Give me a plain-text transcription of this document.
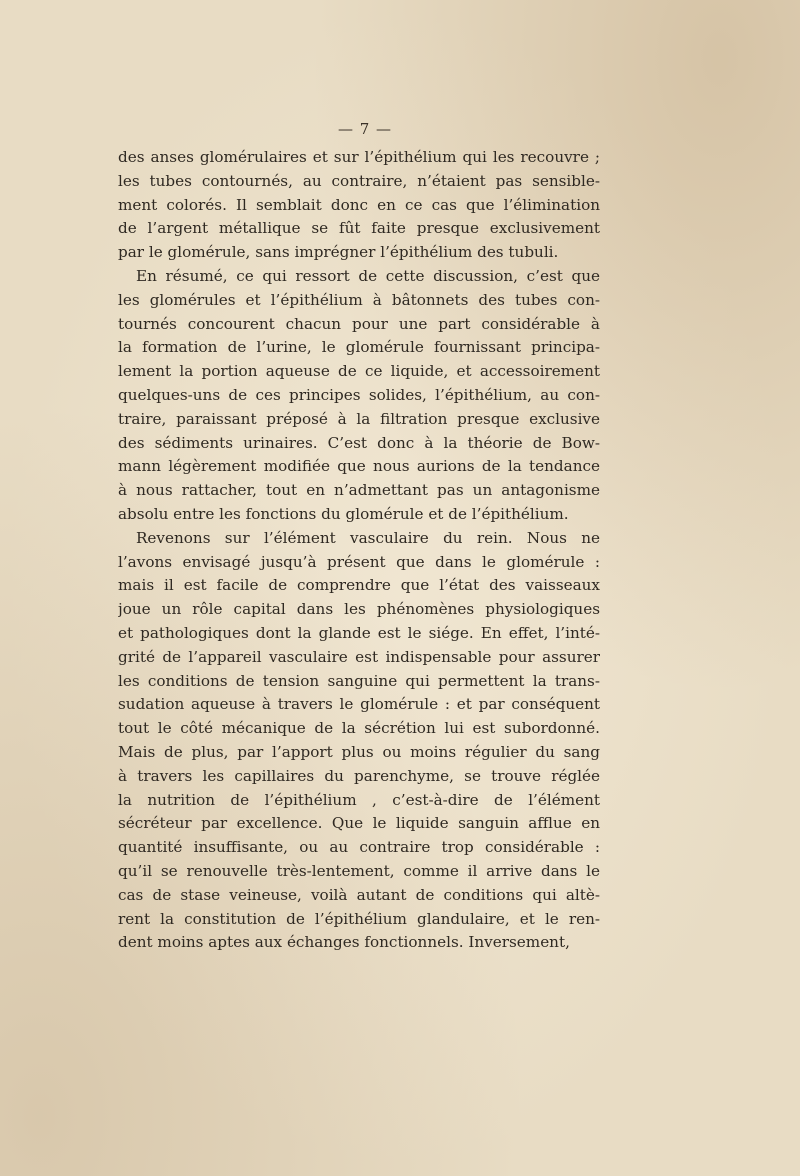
— 7 —
des anses glomérulaires et sur l’épithélium qui les recouvre ;
les tubes contournés, au contraire, n’étaient pas sensible-
ment colorés. Il semblait donc en ce cas que l’élimination
de l’argent métallique se fût faite presque exclusivement
par le glomérule, sans imprégner l’épithélium des tubuli.
En résumé, ce qui ressort de cette discussion, c’est que
les glomérules et l’épithélium à bâtonnets des tubes con-
tournés concourent chacun pour une part considérable à
la formation de l’urine, le glomérule fournissant principa-
lement la portion aqueuse de ce liquide, et accessoirement
quelques-uns de ces principes solides, l’épithélium, au con-
traire, paraissant préposé à la filtration presque exclusive
des sédiments urinaires. C’est donc à la théorie de Bow-
mann légèrement modifiée que nous aurions de la tendance
à nous rattacher, tout en n’admettant pas un antagonisme
absolu entre les fonctions du glomérule et de l’épithélium.
Revenons sur l’élément vasculaire du rein. Nous ne
l’avons envisagé jusqu’à présent que dans le glomérule :
mais il est facile de comprendre que l’état des vaisseaux
joue un rôle capital dans les phénomènes physiologiques
et pathologiques dont la glande est le siége. En effet, l’inté-
grité de l’appareil vasculaire est indispensable pour assurer
les conditions de tension sanguine qui permettent la trans-
sudation aqueuse à travers le glomérule : et par conséquent
tout le côté mécanique de la sécrétion lui est subordonné.
Mais de plus, par l’apport plus ou moins régulier du sang
à travers les capillaires du parenchyme, se trouve réglée
la nutrition de l’épithélium , c’est-à-dire de l’élément
sécréteur par excellence. Que le liquide sanguin afflue en
quantité insuffisante, ou au contraire trop considérable :
qu’il se renouvelle très-lentement, comme il arrive dans le
cas de stase veineuse, voilà autant de conditions qui altè-
rent la constitution de l’épithélium glandulaire, et le ren-
dent moins aptes aux échanges fonctionnels. Inversement,
